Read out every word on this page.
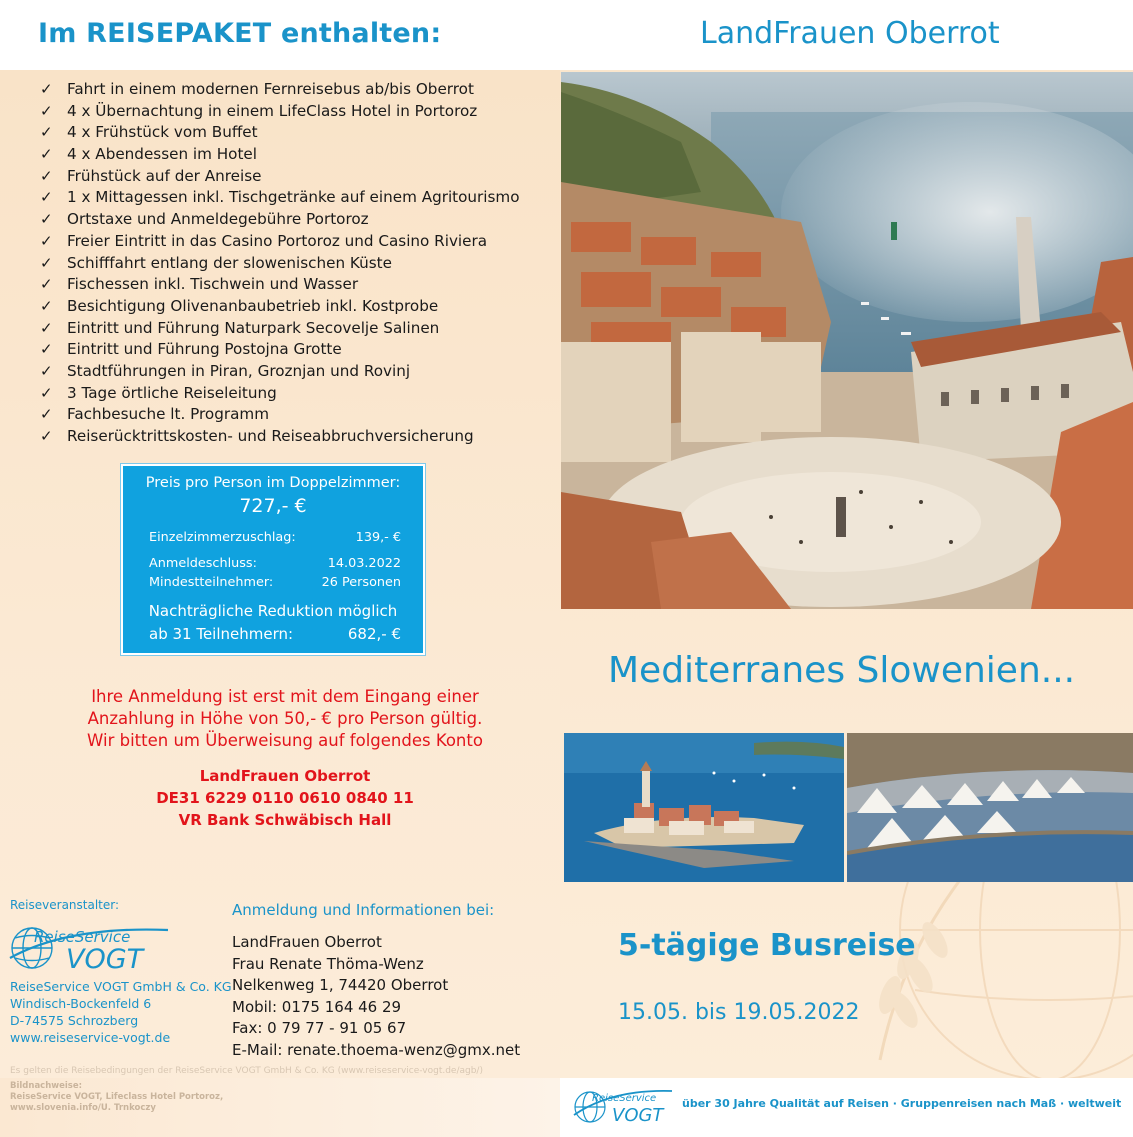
Im REISEPAKET enthalten:	LandFrauen Oberrot
✓ Fahrt in einem modernen Fernreisebus ab/bis Oberrot
✓ 4 x Übernachtung in einem LifeClass Hotel in Portoroz
✓ 4 x Frühstück vom Buffet
✓ 4 x Abendessen im Hotel
✓ Frühstück auf der Anreise
✓ 1 x Mittagessen inkl. Tischgetränke auf einem Agritourismo
✓ Ortstaxe und Anmeldegebühre Portoroz
✓ Freier Eintritt in das Casino Portoroz und Casino Riviera
✓ Schifffahrt entlang der slowenischen Küste
✓ Fischessen inkl. Tischwein und Wasser
✓ Besichtigung Olivenanbaubetrieb inkl. Kostprobe
✓ Eintritt und Führung Naturpark Secovelje Salinen
✓ Eintritt und Führung Postojna Grotte
✓ Stadtführungen in Piran, Groznjan und Rovinj
✓ 3 Tage örtliche Reiseleitung
✓ Fachbesuche lt. Programm
✓ Reiserücktrittskosten- und Reiseabbruchversicherung
Preis pro Person im Doppelzimmer:
727,- €
Einzelzimmerzuschlag:	139,- €
Anmeldeschluss:	14.03.2022
Mindestteilnehmer:	26 Personen
Nachträgliche Reduktion möglich
ab 31 Teilnehmern:	682,- €
Ihre Anmeldung ist erst mit dem Eingang einer
Anzahlung in Höhe von 50,- € pro Person gültig.
Wir bitten um Überweisung auf folgendes Konto
LandFrauen Oberrot
DE31 6229 0110 0610 0840 11
VR Bank Schwäbisch Hall
Reiseveranstalter:
ReiseService
VOGT
ReiseService VOGT GmbH & Co. KG
Windisch-Bockenfeld 6
D-74575 Schrozberg
www.reiseservice-vogt.de
Anmeldung und Informationen bei:
LandFrauen Oberrot
Frau Renate Thöma-Wenz
Nelkenweg 1, 74420 Oberrot
Mobil: 0175 164 46 29
Fax: 0 79 77 - 91 05 67
E-Mail: renate.thoema-wenz@gmx.net
Es gelten die Reisebedingungen der ReiseService VOGT GmbH & Co. KG (www.reiseservice-vogt.de/agb/)
Bildnachweise:
ReiseService VOGT, Lifeclass Hotel Portoroz,
www.slovenia.info/U. Trnkoczy
Mediterranes Slowenien...
5-tägige Busreise
15.05. bis 19.05.2022
ReiseService
VOGT
über 30 Jahre Qualität auf Reisen · Gruppenreisen nach Maß · weltweit
